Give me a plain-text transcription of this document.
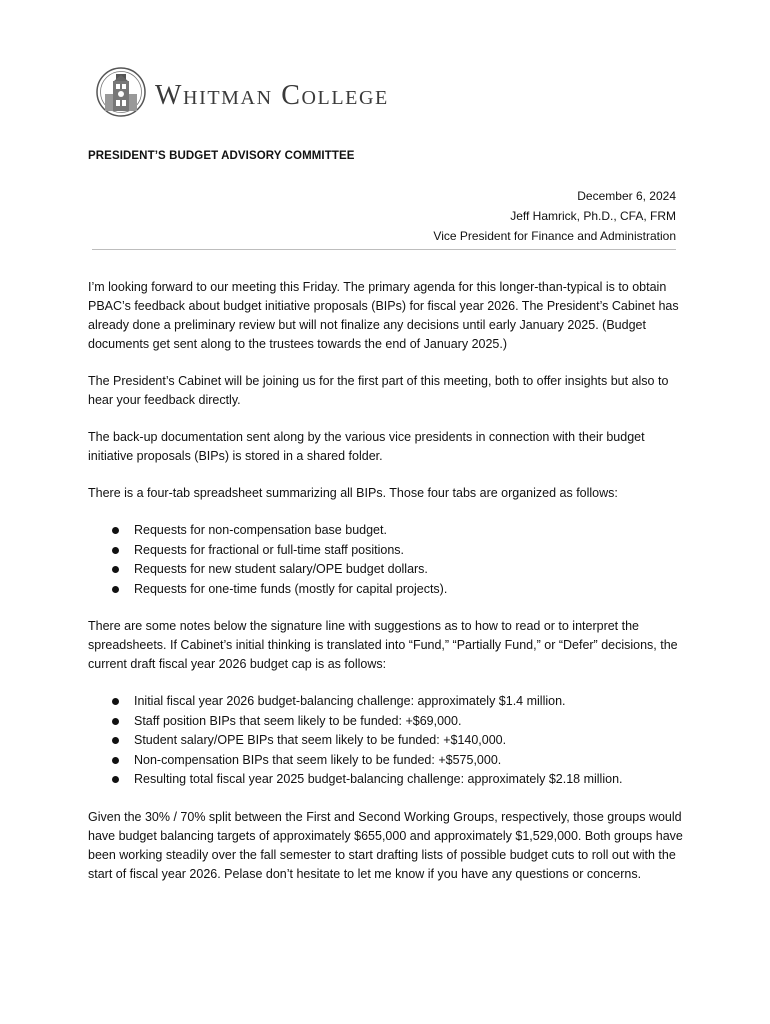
Whitman College
PRESIDENT’S BUDGET ADVISORY COMMITTEE
December 6, 2024
Jeff Hamrick, Ph.D., CFA, FRM
Vice President for Finance and Administration

I’m looking forward to our meeting this Friday. The primary agenda for this longer-than-typical is to obtain PBAC’s feedback about budget initiative proposals (BIPs) for fiscal year 2026. The President’s Cabinet has already done a preliminary review but will not finalize any decisions until early January 2025. (Budget documents get sent along to the trustees towards the end of January 2025.)

The President’s Cabinet will be joining us for the first part of this meeting, both to offer insights but also to hear your feedback directly.

The back-up documentation sent along by the various vice presidents in connection with their budget initiative proposals (BIPs) is stored in a shared folder.

There is a four-tab spreadsheet summarizing all BIPs. Those four tabs are organized as follows:

Requests for non-compensation base budget.
Requests for fractional or full-time staff positions.
Requests for new student salary/OPE budget dollars.
Requests for one-time funds (mostly for capital projects).

There are some notes below the signature line with suggestions as to how to read or to interpret the spreadsheets. If Cabinet’s initial thinking is translated into “Fund,” “Partially Fund,” or “Defer” decisions, the current draft fiscal year 2026 budget cap is as follows:

Initial fiscal year 2026 budget-balancing challenge: approximately $1.4 million.
Staff position BIPs that seem likely to be funded: +$69,000.
Student salary/OPE BIPs that seem likely to be funded: +$140,000.
Non-compensation BIPs that seem likely to be funded: +$575,000.
Resulting total fiscal year 2025 budget-balancing challenge: approximately $2.18 million.

Given the 30% / 70% split between the First and Second Working Groups, respectively, those groups would have budget balancing targets of approximately $655,000 and approximately $1,529,000. Both groups have been working steadily over the fall semester to start drafting lists of possible budget cuts to roll out with the start of fiscal year 2026. Pelase don’t hesitate to let me know if you have any questions or concerns.
